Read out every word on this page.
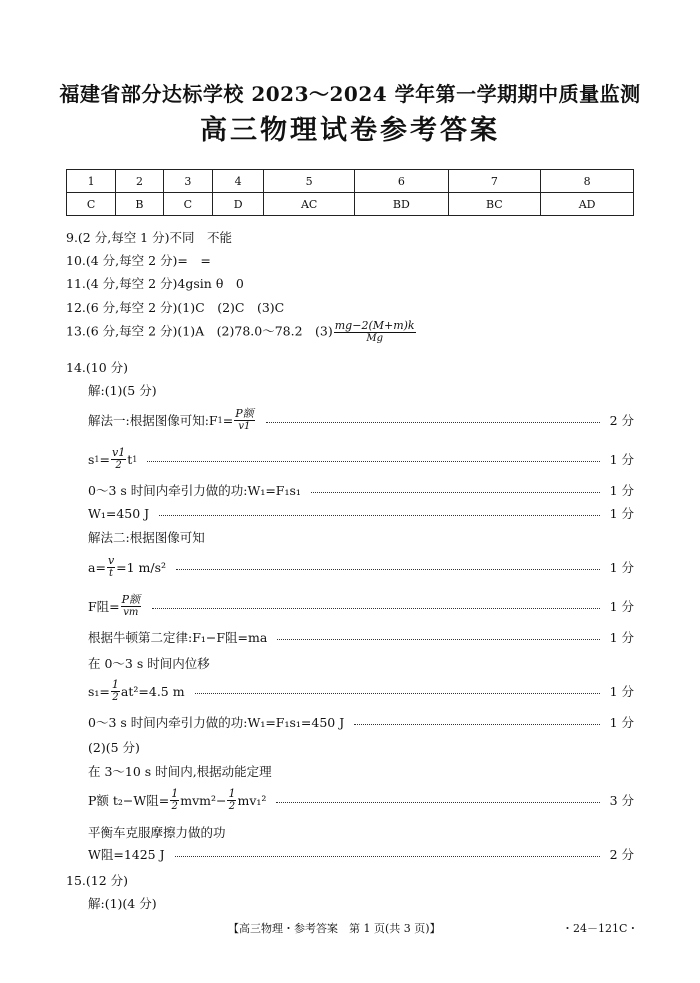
福建省部分达标学校 2023～2024 学年第一学期期中质量监测
高三物理试卷参考答案
1	2	3	4	5	6	7	8
C	B	C	D	AC	BD	BC	AD
9.(2 分,每空 1 分)不同　不能
10.(4 分,每空 2 分)=　=
11.(4 分,每空 2 分)4gsin θ　0
12.(6 分,每空 2 分)(1)C　(2)C　(3)C
13.(6 分,每空 2 分)(1)A　(2)78.0～78.2　$(3) \frac{mg-2(M+m)k}{Mg}$
14.(10 分)
解:(1)(5 分)
解法一:根据图像可知:F $1 = \frac{\text{P额}}{v1}$	2 分
s $1 = \frac{v1}{2}$ t 1	1 分
0～3 s 时间内牵引力做的功:W₁=F₁s₁	1 分
W₁=450 J	1 分
解法二:根据图像可知
$a= \frac{v}{t} =1$ m/s²	1 分
F阻= $\frac{\text{P额}}{vm}$	1 分
根据牛顿第二定律:F₁−F阻=ma	1 分
在 0～3 s 时间内位移
$s_1= \frac{1}{2} at^2=4.5$ m	1 分
0～3 s 时间内牵引力做的功:W₁=F₁s₁=450 J	1 分
(2)(5 分)
在 3～10 s 时间内,根据动能定理
P额 t₂−W阻= $\frac{1}{2} mvm^2- \frac{1}{2} mv_1^2$	3 分
平衡车克服摩擦力做的功
W阻=1425 J	2 分
15.(12 分)
解:(1)(4 分)
【高三物理・参考答案　第 1 页(共 3 页)】	・24－121C・
